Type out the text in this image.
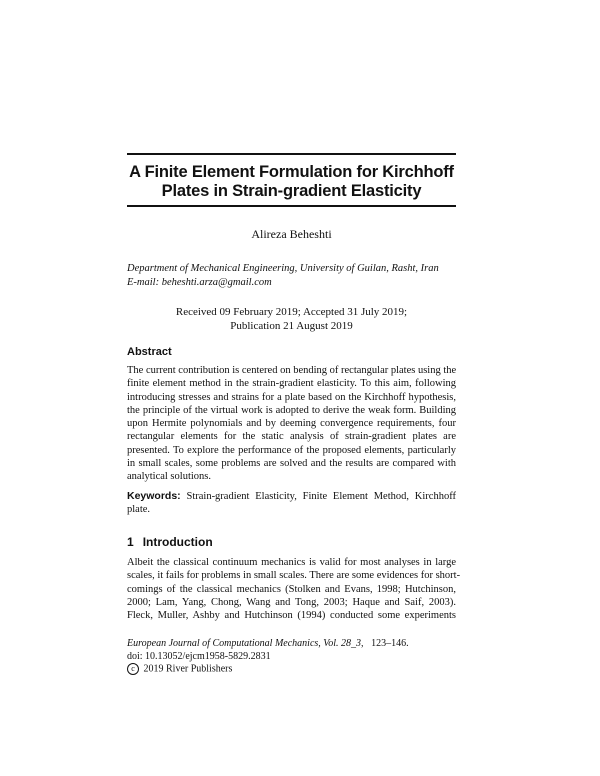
A Finite Element Formulation for Kirchhoff
Plates in Strain-gradient Elasticity
Alireza Beheshti
Department of Mechanical Engineering, University of Guilan, Rasht, Iran
E-mail: beheshti.arza@gmail.com
Received 09 February 2019; Accepted 31 July 2019;
Publication 21 August 2019
Abstract
The current contribution is centered on bending of rectangular plates using the
finite element method in the strain-gradient elasticity. To this aim, following
introducing stresses and strains for a plate based on the Kirchhoff hypothesis,
the principle of the virtual work is adopted to derive the weak form. Building
upon Hermite polynomials and by deeming convergence requirements, four
rectangular elements for the static analysis of strain-gradient plates are
presented. To explore the performance of the proposed elements, particularly
in small scales, some problems are solved and the results are compared with
analytical solutions.
Keywords: Strain-gradient Elasticity, Finite Element Method, Kirchhoff
plate.
1 Introduction
Albeit the classical continuum mechanics is valid for most analyses in large
scales, it fails for problems in small scales. There are some evidences for short-
comings of the classical mechanics (Stolken and Evans, 1998; Hutchinson,
2000; Lam, Yang, Chong, Wang and Tong, 2003; Haque and Saif, 2003).
Fleck, Muller, Ashby and Hutchinson (1994) conducted some experiments
European Journal of Computational Mechanics, Vol. 28_3, 123–146.
doi: 10.13052/ejcm1958-5829.2831
c 2019 River Publishers
